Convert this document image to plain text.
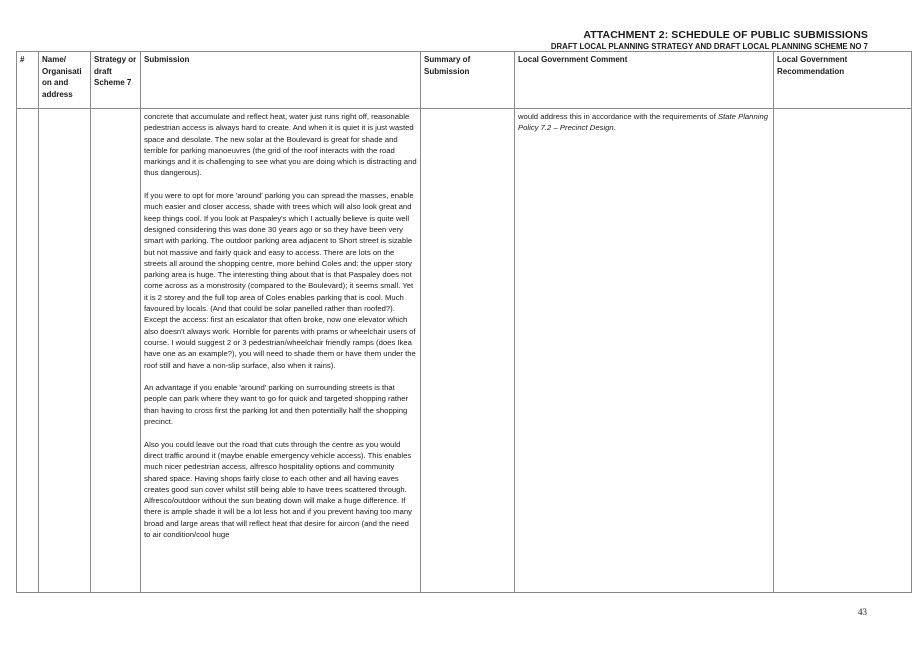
ATTACHMENT 2: SCHEDULE OF PUBLIC SUBMISSIONS
DRAFT LOCAL PLANNING STRATEGY AND DRAFT LOCAL PLANNING SCHEME NO 7
#	Name/ Organisati on and address	Strategy or draft Scheme 7	Submission	Summary of Submission	Local Government Comment	Local Government Recommendation

			concrete that accumulate and reflect heat, water just runs right off, reasonable pedestrian access is always hard to create. And when it is quiet it is just wasted space and desolate. The new solar at the Boulevard is great for shade and terrible for parking manoeuvres (the grid of the roof interacts with the road markings and it is challenging to see what you are doing which is distracting and thus dangerous).

If you were to opt for more 'around' parking you can spread the masses, enable much easier and closer access, shade with trees which will also look great and keep things cool. If you look at Paspaley's which I actually believe is quite well designed considering this was done 30 years ago or so they have been very smart with parking. The outdoor parking area adjacent to Short street is sizable but not massive and fairly quick and easy to access. There are lots on the streets all around the shopping centre, more behind Coles and: the upper story parking area is huge. The interesting thing about that is that Paspaley does not come across as a monstrosity (compared to the Boulevard); it seems small. Yet it is 2 storey and the full top area of Coles enables parking that is cool. Much favoured by locals. (And that could be solar panelled rather than roofed?). Except the access: first an escalator that often broke, now one elevator which also doesn't always work. Horrible for parents with prams or wheelchair users of course. I would suggest 2 or 3 pedestrian/wheelchair friendly ramps (does Ikea have one as an example?), you will need to shade them or have them under the roof still and have a non-slip surface, also when it rains).

An advantage if you enable 'around' parking on surrounding streets is that people can park where they want to go for quick and targeted shopping rather than having to cross first the parking lot and then potentially half the shopping precinct.

Also you could leave out the road that cuts through the centre as you would direct traffic around it (maybe enable emergency vehicle access). This enables much nicer pedestrian access, alfresco hospitality options and community shared space. Having shops fairly close to each other and all having eaves creates good sun cover whilst still being able to have trees scattered through. Alfresco/outdoor without the sun beating down will make a huge difference. If there is ample shade it will be a lot less hot and if you prevent having too many broad and large areas that will reflect heat that desire for aircon (and the need to air condition/cool huge		would address this in accordance with the requirements of State Planning Policy 7.2 – Precinct Design.	

43
